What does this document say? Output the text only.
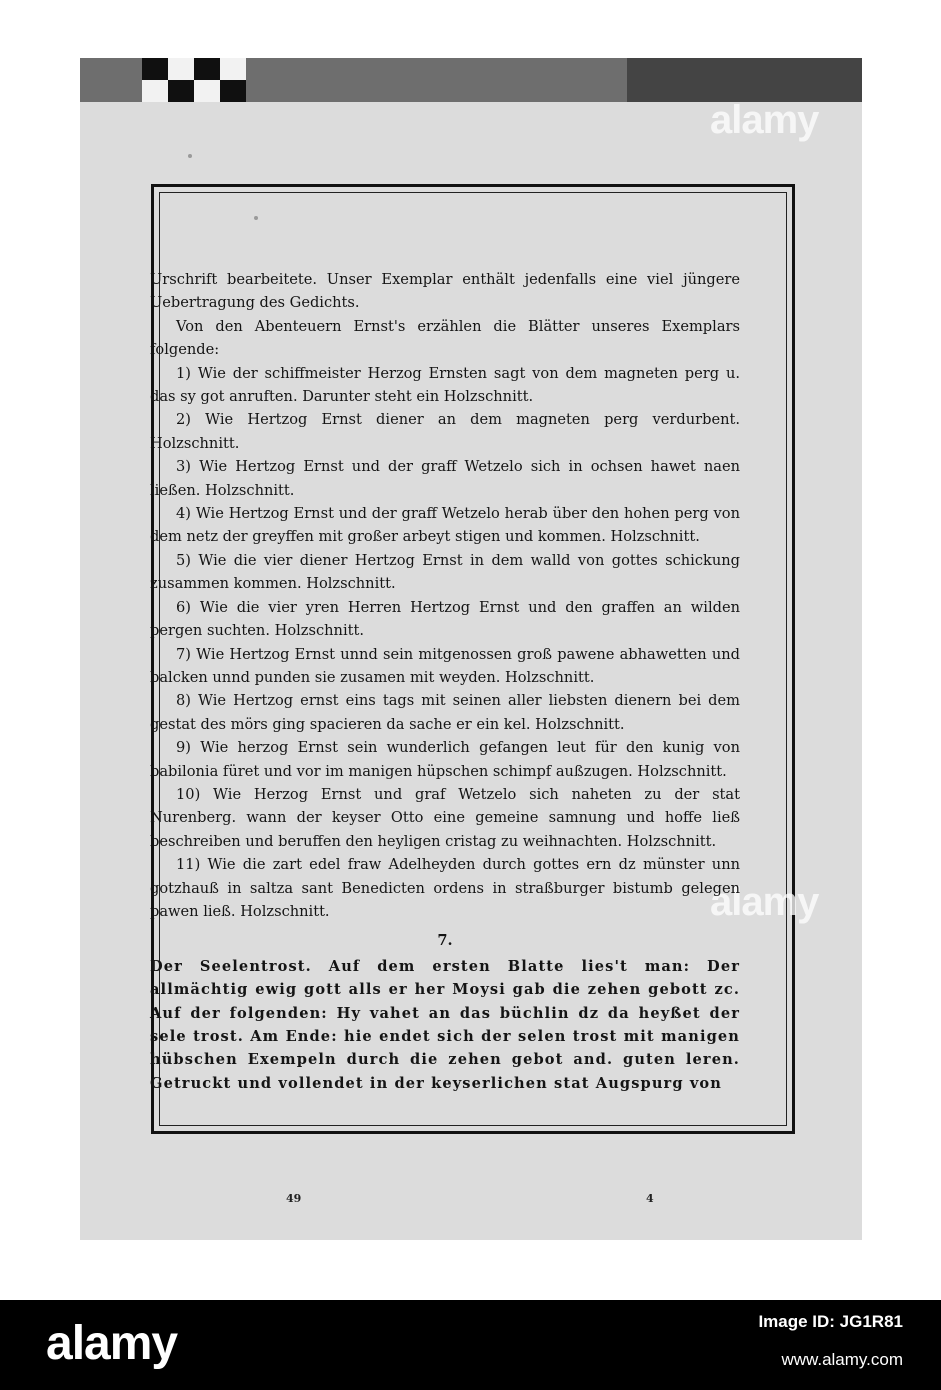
alamy
alamy

Urschrift bearbeitete. Unser Exemplar enthält jedenfalls eine viel jüngere Uebertragung des Gedichts.

Von den Abenteuern Ernst's erzählen die Blätter unseres Exemplars folgende:

1) Wie der schiffmeister Herzog Ernsten sagt von dem magneten perg u. das sy got anruften. Darunter steht ein Holzschnitt.

2) Wie Hertzog Ernst diener an dem magneten perg verdurbent. Holzschnitt.

3) Wie Hertzog Ernst und der graff Wetzelo sich in ochsen hawet naen ließen. Holzschnitt.

4) Wie Hertzog Ernst und der graff Wetzelo herab über den hohen perg von dem netz der greyffen mit großer arbeyt stigen und kommen. Holzschnitt.

5) Wie die vier diener Hertzog Ernst in dem walld von gottes schickung zusammen kommen. Holzschnitt.

6) Wie die vier yren Herren Hertzog Ernst und den graffen an wilden pergen suchten. Holzschnitt.

7) Wie Hertzog Ernst unnd sein mitgenossen groß pawene abhawetten und balcken unnd punden sie zusamen mit weyden. Holzschnitt.

8) Wie Hertzog ernst eins tags mit seinen aller liebsten dienern bei dem gestat des mörs ging spacieren da sache er ein kel. Holzschnitt.

9) Wie herzog Ernst sein wunderlich gefangen leut für den kunig von babilonia füret und vor im manigen hüpschen schimpf außzugen. Holzschnitt.

10) Wie Herzog Ernst und graf Wetzelo sich naheten zu der stat Nurenberg. wann der keyser Otto eine gemeine samnung und hoffe ließ beschreiben und beruffen den heyligen cristag zu weihnachten. Holzschnitt.

11) Wie die zart edel fraw Adelheyden durch gottes ern dz münster unn gotzhauß in saltza sant Benedicten ordens in straßburger bistumb gelegen pawen ließ. Holzschnitt.

7.

Der Seelentrost. Auf dem ersten Blatte lies't man: Der allmächtig ewig gott alls er her Moysi gab die zehen gebott zc. Auf der folgenden: Hy vahet an das büchlin dz da heyßet der sele trost. Am Ende: hie endet sich der selen trost mit manigen hübschen Exempeln durch die zehen gebot and. guten leren. Getruckt und vollendet in der keyserlichen stat Augspurg von

49	4
alamy	Image ID: JG1R81
www.alamy.com
